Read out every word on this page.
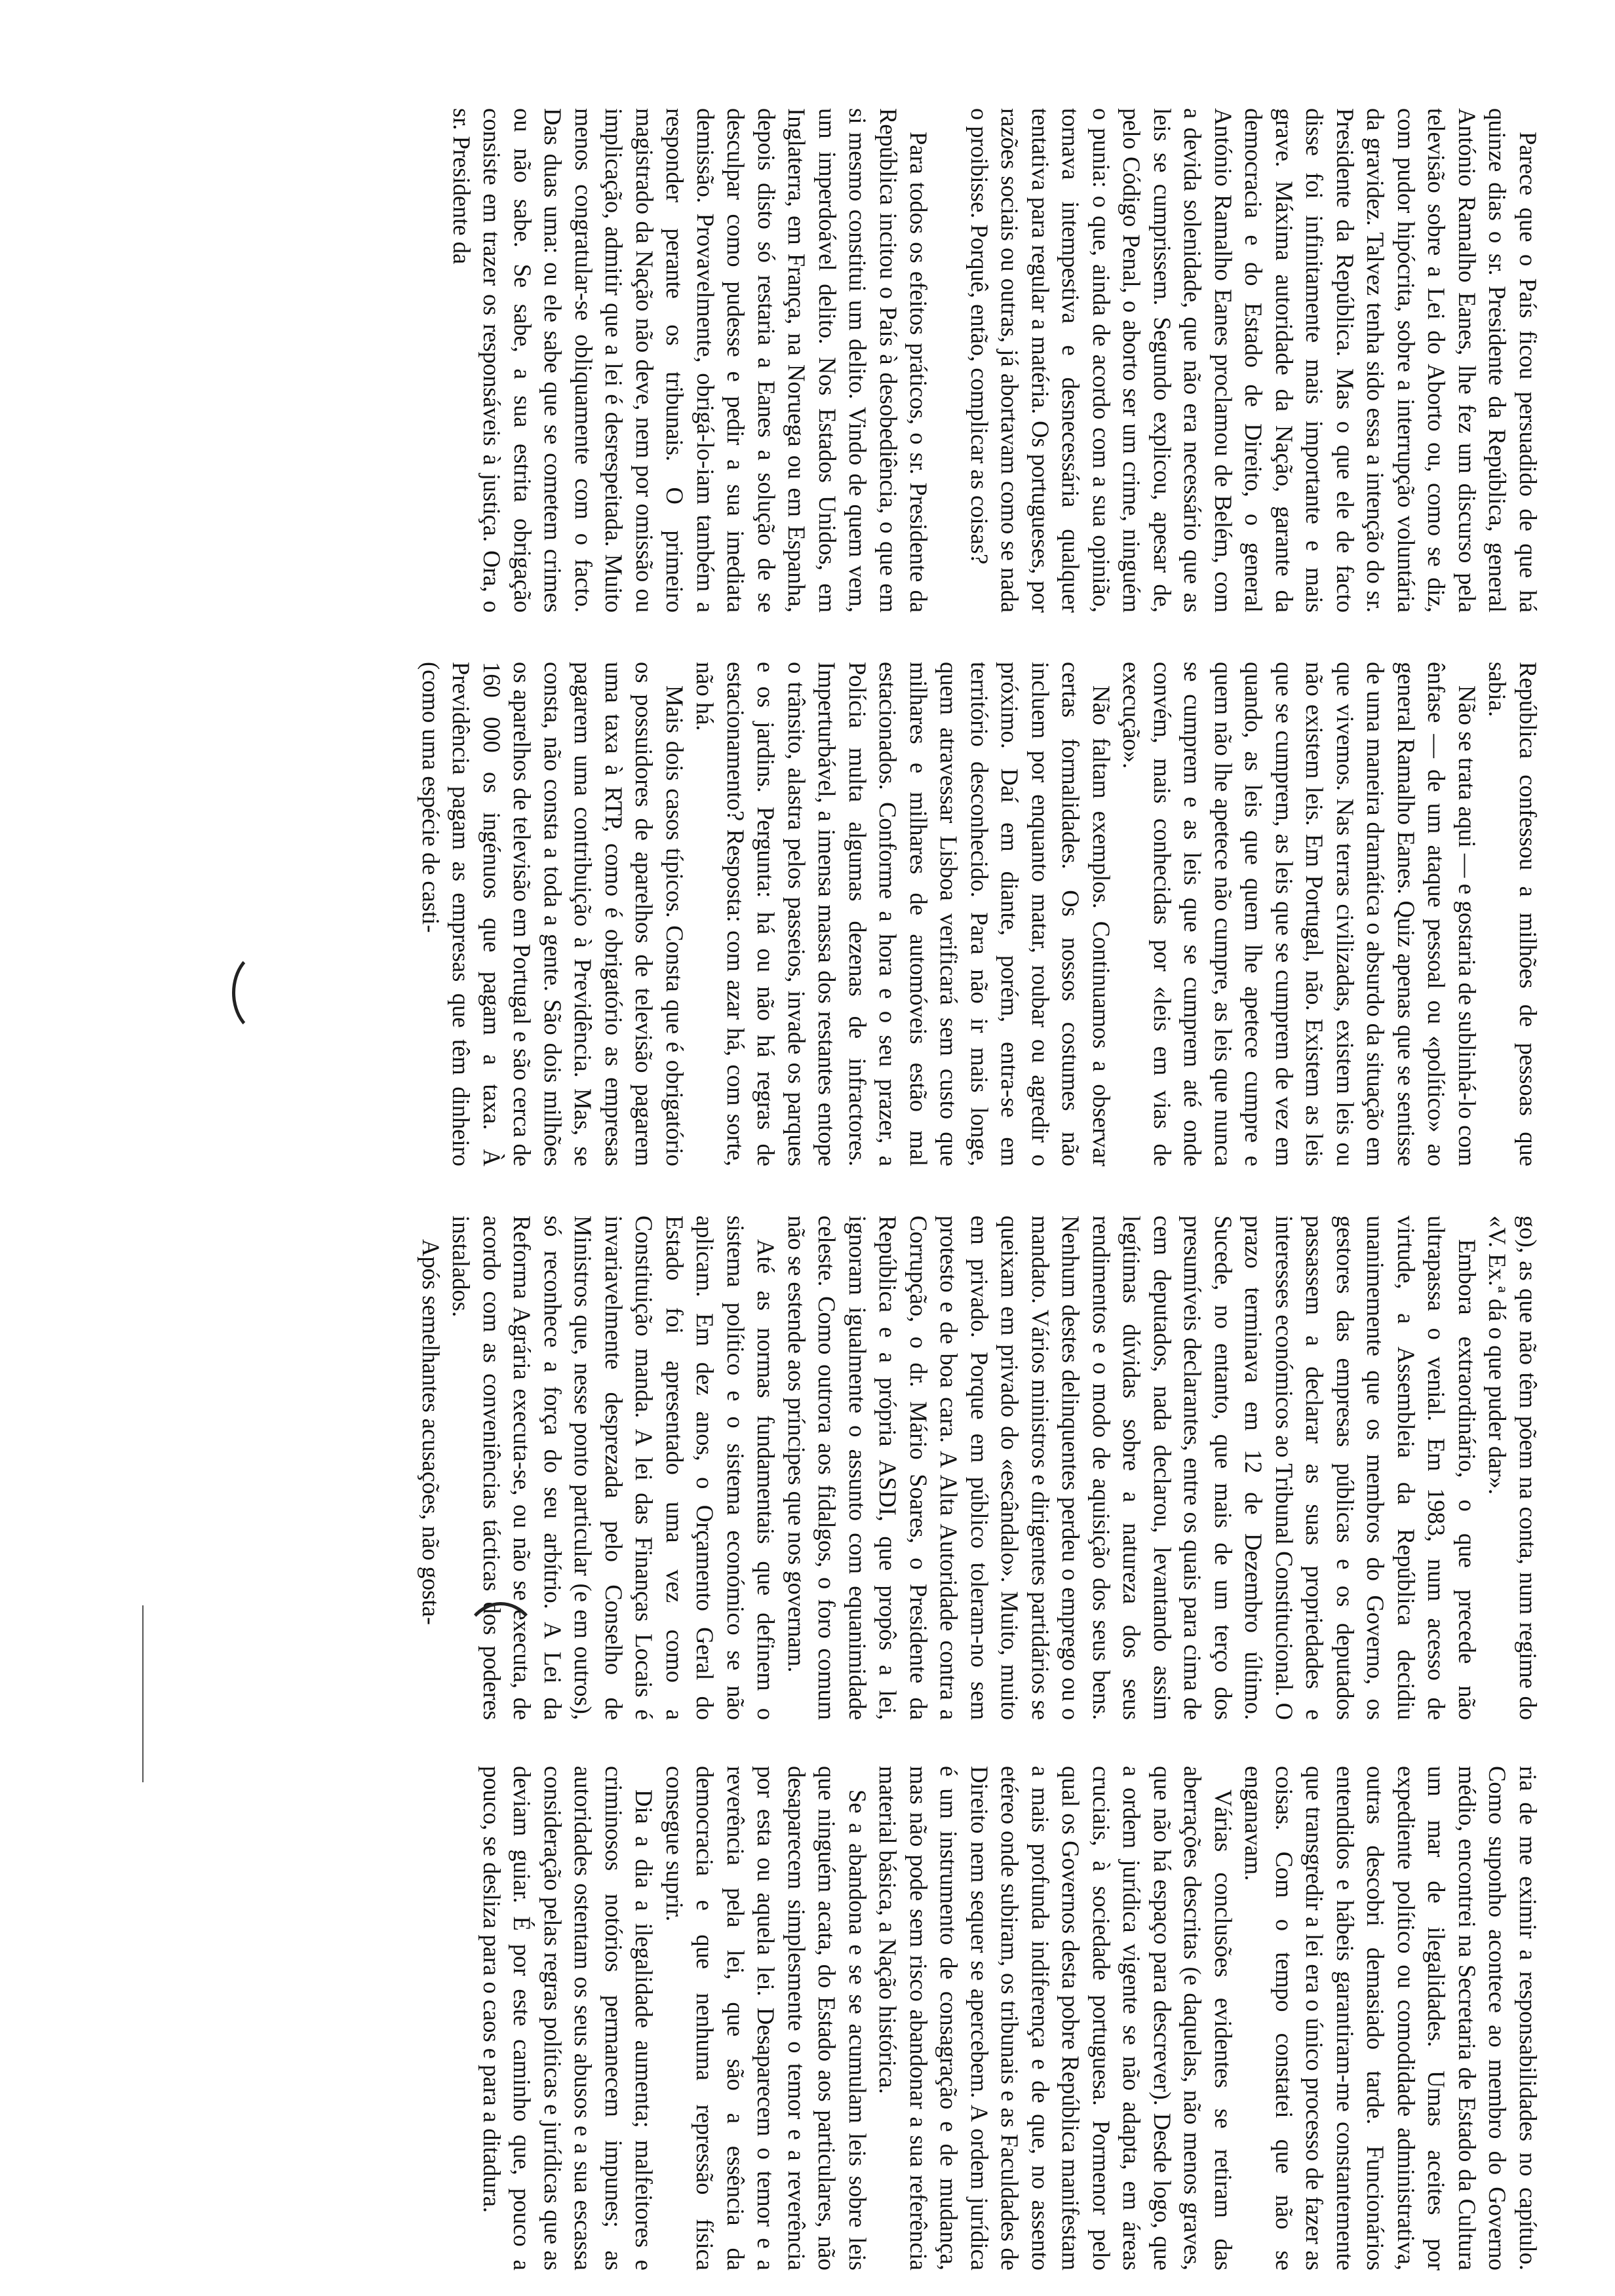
Parece que o País ficou persuadido de que há quinze dias o sr. Presidente da República, general António Ramalho Eanes, lhe fez um discurso pela televisão sobre a Lei do Aborto ou, como se diz, com pudor hipócrita, sobre a interrupção voluntária da gravidez. Talvez tenha sido essa a intenção do sr. Presidente da República. Mas o que ele de facto disse foi infinitamente mais importante e mais grave. Máxima autoridade da Nação, garante da democracia e do Estado de Direito, o general António Ramalho Eanes proclamou de Belém, com a devida solenidade, que não era necessário que as leis se cumprissem. Segundo explicou, apesar de, pelo Código Penal, o aborto ser um crime, ninguém o punia: o que, ainda de acordo com a sua opinião, tornava intempestiva e desnecessária qualquer tentativa para regular a matéria. Os portugueses, por razões sociais ou outras, já abortavam como se nada o proibisse. Porquê, então, complicar as coisas?

Para todos os efeitos práticos, o sr. Presidente da República incitou o País à desobediência, o que em si mesmo constitui um delito. Vindo de quem vem, um imperdoável delito. Nos Estados Unidos, em Inglaterra, em França, na Noruega ou em Espanha, depois disto só restaria a Eanes a solução de se desculpar como pudesse e pedir a sua imediata demissão. Provavelmente, obrigá-lo-iam também a responder perante os tribunais. O primeiro magistrado da Nação não deve, nem por omissão ou implicação, admitir que a lei é desrespeitada. Muito menos congratular-se obliquamente com o facto. Das duas uma: ou ele sabe que se cometem crimes ou não sabe. Se sabe, a sua estrita obrigação consiste em trazer os responsáveis à justiça. Ora, o sr. Presidente da

República confessou a milhões de pessoas que sabia.

Não se trata aqui — e gostaria de sublinhá-lo com ênfase — de um ataque pessoal ou «político» ao general Ramalho Eanes. Quiz apenas que se sentisse de uma maneira dramática o absurdo da situação em que vivemos. Nas terras civilizadas, existem leis ou não existem leis. Em Portugal, não. Existem as leis que se cumprem, as leis que se cumprem de vez em quando, as leis que quem lhe apetece cumpre e quem não lhe apetece não cumpre, as leis que nunca se cumprem e as leis que se cumprem até onde convém, mais conhecidas por «leis em vias de execução».

Não faltam exemplos. Continuamos a observar certas formalidades. Os nossos costumes não incluem por enquanto matar, roubar ou agredir o próximo. Daí em diante, porém, entra-se em território desconhecido. Para não ir mais longe, quem atravessar Lisboa verificará sem custo que milhares e milhares de automóveis estão mal estacionados. Conforme a hora e o seu prazer, a Polícia multa algumas dezenas de infractores. Imperturbável, a imensa massa dos restantes entope o trânsito, alastra pelos passeios, invade os parques e os jardins. Pergunta: há ou não há regras de estacionamento? Resposta: com azar há, com sorte, não há.

Mais dois casos típicos. Consta que é obrigatório os possuidores de aparelhos de televisão pagarem uma taxa à RTP, como é obrigatório as empresas pagarem uma contribuição à Previdência. Mas, se consta, não consta a toda a gente. São dois milhões os aparelhos de televisão em Portugal e são cerca de 160 000 os ingénuos que pagam a taxa. À Previdência pagam as empresas que têm dinheiro (como uma espécie de casti-

go), as que não têm põem na conta, num regime do «V. Ex.ª dá o que puder dar».

Embora extraordinário, o que precede não ultrapassa o venial. Em 1983, num acesso de virtude, a Assembleia da República decidiu unanimemente que os membros do Governo, os gestores das empresas públicas e os deputados passassem a declarar as suas propriedades e interesses económicos ao Tribunal Constitucional. O prazo terminava em 12 de Dezembro último. Sucede, no entanto, que mais de um terço dos presumíveis declarantes, entre os quais para cima de cem deputados, nada declarou, levantando assim legítimas dúvidas sobre a natureza dos seus rendimentos e o modo de aquisição dos seus bens. Nenhum destes delinquentes perdeu o emprego ou o mandato. Vários ministros e dirigentes partidários se queixam em privado do «escândalo». Muito, muito em privado. Porque em público toleram-no sem protesto e de boa cara. A Alta Autoridade contra a Corrupção, o dr. Mário Soares, o Presidente da República e a própria ASDI, que propôs a lei, ignoram igualmente o assunto com equanimidade celeste. Como outrora aos fidalgos, o foro comum não se estende aos príncipes que nos governam.

Até as normas fundamentais que definem o sistema político e o sistema económico se não aplicam. Em dez anos, o Orçamento Geral do Estado foi apresentado uma vez como a Constituição manda. A lei das Finanças Locais é invariavelmente desprezada pelo Conselho de Ministros que, nesse ponto particular (e em outros), só reconhece a força do seu arbítrio. A Lei da Reforma Agrária executa-se, ou não se executa, de acordo com as conveniências tácticas dos poderes instalados.

Após semelhantes acusações, não gosta-

ria de me eximir a responsabilidades no capítulo. Como suponho acontece ao membro do Governo médio, encontrei na Secretaria de Estado da Cultura um mar de ilegalidades. Umas aceites por expediente político ou comodidade administrativa, outras descobri demasiado tarde. Funcionários entendidos e hábeis garantiram-me constantemente que transgredir a lei era o único processo de fazer as coisas. Com o tempo constatei que não se enganavam.

Várias conclusões evidentes se retiram das aberrações descritas (e daquelas, não menos graves, que não há espaço para descrever). Desde logo, que a ordem jurídica vigente se não adapta, em áreas cruciais, à sociedade portuguesa. Pormenor pelo qual os Governos desta pobre República manifestam a mais profunda indiferença e de que, no assento etéreo onde subiram, os tribunais e as Faculdades de Direito nem sequer se apercebem. A ordem jurídica é um instrumento de consagração e de mudança, mas não pode sem risco abandonar a sua referência material básica, a Nação histórica.

Se a abandona e se se acumulam leis sobre leis que ninguém acata, do Estado aos particulares, não desaparecem simplesmente o temor e a reverência por esta ou aquela lei. Desaparecem o temor e a reverência pela lei, que são a essência da democracia e que nenhuma repressão física consegue suprir.

Dia a dia a ilegalidade aumenta; malfeitores e criminosos notórios permanecem impunes; as autoridades ostentam os seus abusos e a sua escassa consideração pelas regras políticas e jurídicas que as deviam guiar. É por este caminho que, pouco a pouco, se desliza para o caos e para a ditadura.
